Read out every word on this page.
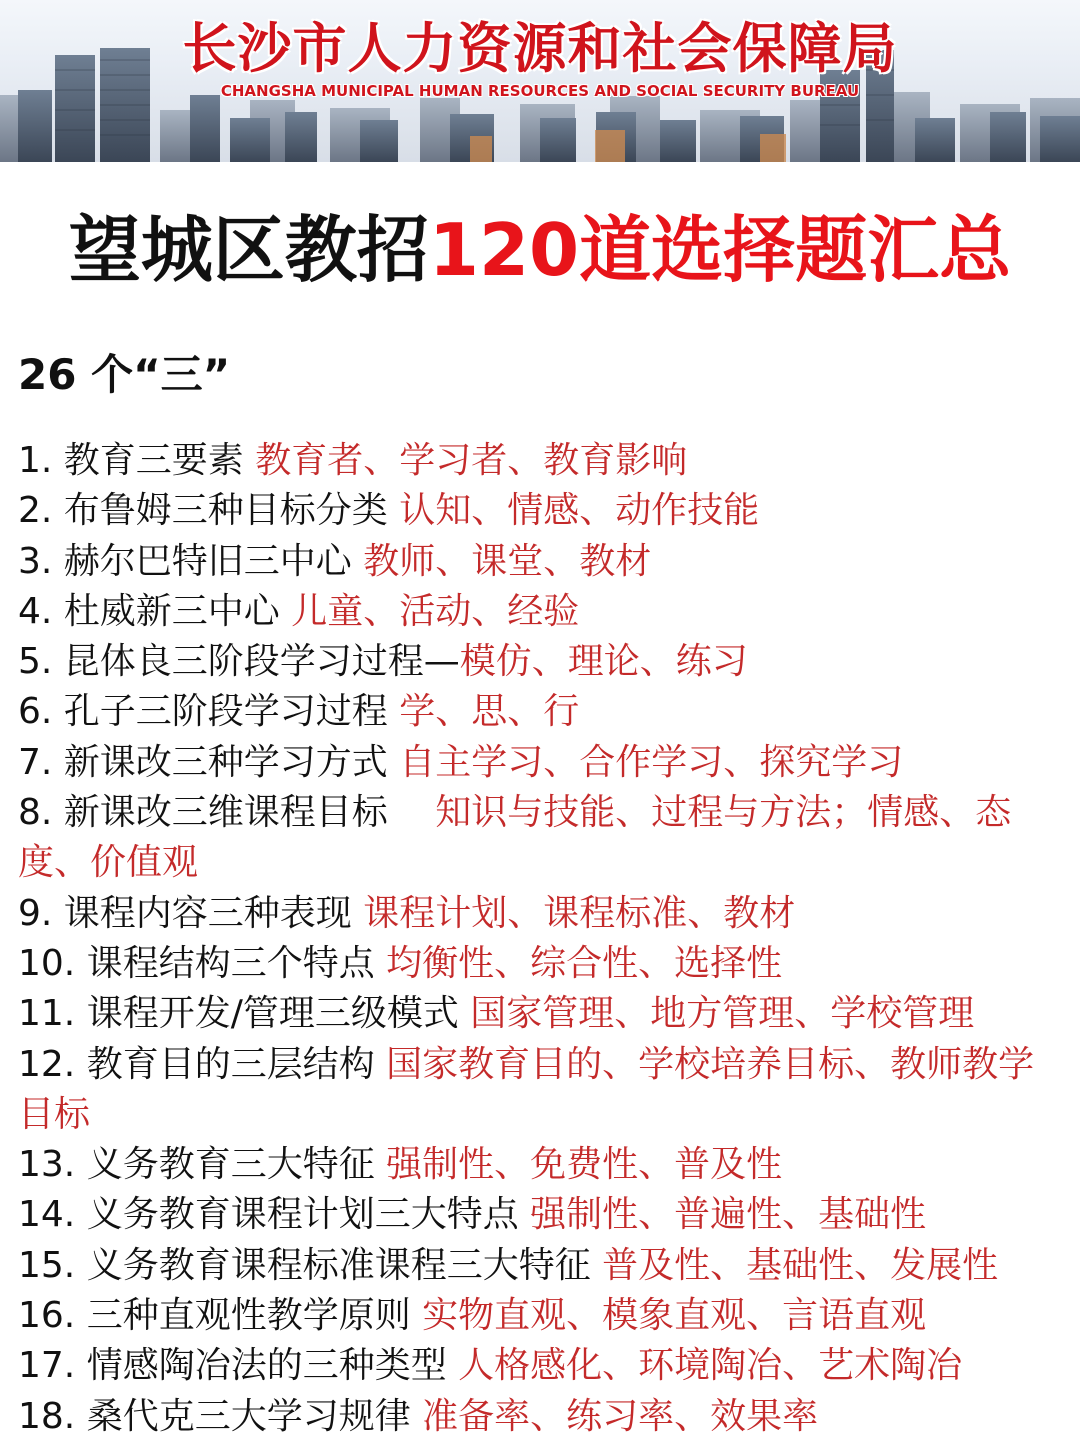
长沙市人力资源和社会保障局
CHANGSHA MUNICIPAL HUMAN RESOURCES AND SOCIAL SECURITY BUREAU
望城区教招120道选择题汇总
26 个“三”
1. 教育三要素 教育者、学习者、教育影响
2. 布鲁姆三种目标分类 认知、情感、动作技能
3. 赫尔巴特旧三中心 教师、课堂、教材
4. 杜威新三中心 儿童、活动、经验
5. 昆体良三阶段学习过程—模仿、理论、练习
6. 孔子三阶段学习过程 学、思、行
7. 新课改三种学习方式 自主学习、合作学习、探究学习
8. 新课改三维课程目标　 知识与技能、过程与方法；情感、态度、价值观
9. 课程内容三种表现 课程计划、课程标准、教材
10. 课程结构三个特点 均衡性、综合性、选择性
11. 课程开发/管理三级模式 国家管理、地方管理、学校管理
12. 教育目的三层结构 国家教育目的、学校培养目标、教师教学目标
13. 义务教育三大特征 强制性、免费性、普及性
14. 义务教育课程计划三大特点 强制性、普遍性、基础性
15. 义务教育课程标准课程三大特征 普及性、基础性、发展性
16. 三种直观性教学原则 实物直观、模象直观、言语直观
17. 情感陶冶法的三种类型 人格感化、环境陶冶、艺术陶冶
18. 桑代克三大学习规律 准备率、练习率、效果率
